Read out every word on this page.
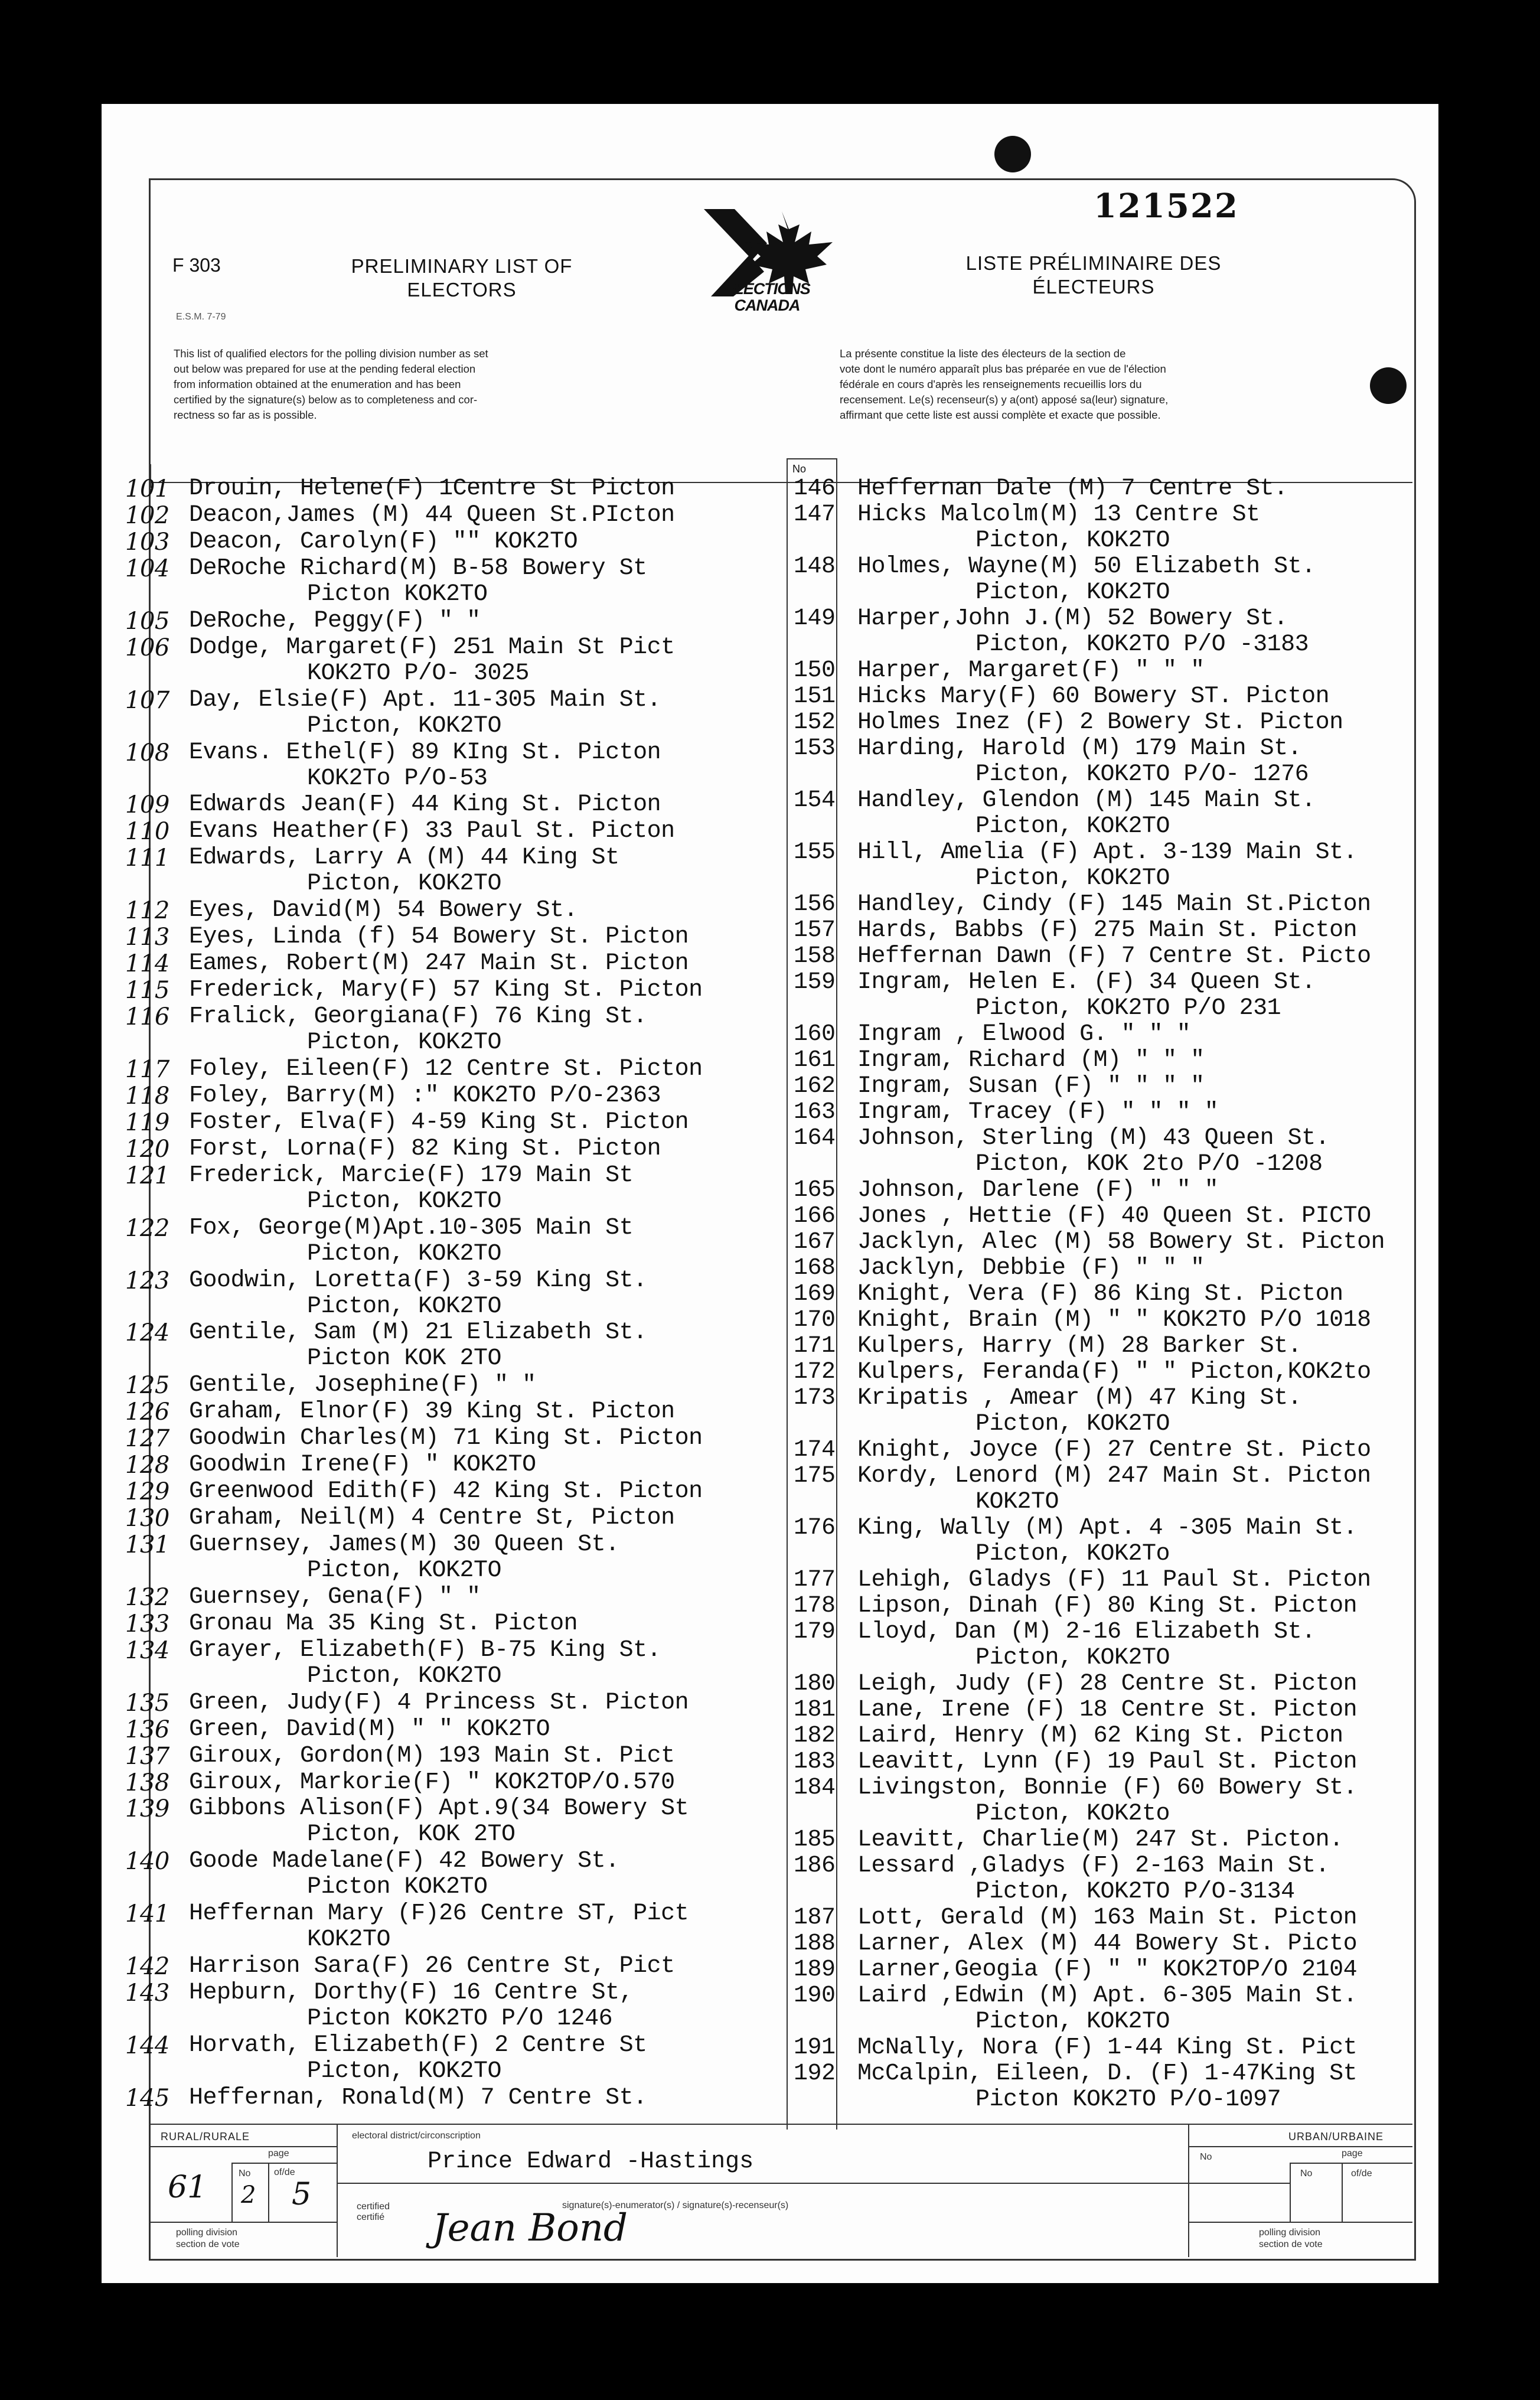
121522
F 303
E.S.M. 7-79
PRELIMINARY LIST OF
ELECTORS
LISTE PRÉLIMINAIRE DES
ÉLECTEURS
ELECTIONS
CANADA
This list of qualified electors for the polling division number as set
out below was prepared for use at the pending federal election
from information obtained at the enumeration and has been
certified by the signature(s) below as to completeness and cor-
rectness so far as is possible.
La présente constitue la liste des électeurs de la section de
vote dont le numéro apparaît plus bas préparée en vue de l'élection
fédérale en cours d'après les renseignements recueillis lors du
recensement. Le(s) recenseur(s) y a(ont) apposé sa(leur) signature,
affirmant que cette liste est aussi complète et exacte que possible.
No
101 Drouin, Helene(F) 1Centre St Picton
102 Deacon,James (M) 44 Queen St.PIcton
103 Deacon, Carolyn(F) "" KOK2TO
104 DeRoche Richard(M) B-58 Bowery St
Picton KOK2TO
105 DeRoche, Peggy(F) " "
106 Dodge, Margaret(F) 251 Main St Pict
KOK2TO P/O- 3025
107 Day, Elsie(F) Apt. 11-305 Main St.
Picton, KOK2TO
108 Evans. Ethel(F) 89 KIng St. Picton
KOK2To P/O-53
109 Edwards Jean(F) 44 King St. Picton
110 Evans Heather(F) 33 Paul St. Picton
111 Edwards, Larry A (M) 44 King St
Picton, KOK2TO
112 Eyes, David(M) 54 Bowery St.
113 Eyes, Linda (f) 54 Bowery St. Picton
114 Eames, Robert(M) 247 Main St. Picton
115 Frederick, Mary(F) 57 King St. Picton
116 Fralick, Georgiana(F) 76 King St.
Picton, KOK2TO
117 Foley, Eileen(F) 12 Centre St. Picton
118 Foley, Barry(M) :" KOK2TO P/O-2363
119 Foster, Elva(F) 4-59 King St. Picton
120 Forst, Lorna(F) 82 King St. Picton
121 Frederick, Marcie(F) 179 Main St
Picton, KOK2TO
122 Fox, George(M)Apt.10-305 Main St
Picton, KOK2TO
123 Goodwin, Loretta(F) 3-59 King St.
Picton, KOK2TO
124 Gentile, Sam (M) 21 Elizabeth St.
Picton KOK 2TO
125 Gentile, Josephine(F) " "
126 Graham, Elnor(F) 39 King St. Picton
127 Goodwin Charles(M) 71 King St. Picton
128 Goodwin Irene(F) " KOK2TO
129 Greenwood Edith(F) 42 King St. Picton
130 Graham, Neil(M) 4 Centre St, Picton
131 Guernsey, James(M) 30 Queen St.
Picton, KOK2TO
132 Guernsey, Gena(F) " "
133 Gronau Ma 35 King St. Picton
134 Grayer, Elizabeth(F) B-75 King St.
Picton, KOK2TO
135 Green, Judy(F) 4 Princess St. Picton
136 Green, David(M) " " KOK2TO
137 Giroux, Gordon(M) 193 Main St. Pict
138 Giroux, Markorie(F) " KOK2TOP/O.570
139 Gibbons Alison(F) Apt.9(34 Bowery St
Picton, KOK 2TO
140 Goode Madelane(F) 42 Bowery St.
Picton KOK2TO
141 Heffernan Mary (F)26 Centre ST, Pict
KOK2TO
142 Harrison Sara(F) 26 Centre St, Pict
143 Hepburn, Dorthy(F) 16 Centre St,
Picton KOK2TO P/O 1246
144 Horvath, Elizabeth(F) 2 Centre St
Picton, KOK2TO
145 Heffernan, Ronald(M) 7 Centre St.
146 Heffernan Dale (M) 7 Centre St.
147 Hicks Malcolm(M) 13 Centre St
Picton, KOK2TO
148 Holmes, Wayne(M) 50 Elizabeth St.
Picton, KOK2TO
149 Harper,John J.(M) 52 Bowery St.
Picton, KOK2TO P/O -3183
150 Harper, Margaret(F) " " "
151 Hicks Mary(F) 60 Bowery ST. Picton
152 Holmes Inez (F) 2 Bowery St. Picton
153 Harding, Harold (M) 179 Main St.
Picton, KOK2TO P/O- 1276
154 Handley, Glendon (M) 145 Main St.
Picton, KOK2TO
155 Hill, Amelia (F) Apt. 3-139 Main St.
Picton, KOK2TO
156 Handley, Cindy (F) 145 Main St.Picton
157 Hards, Babbs (F) 275 Main St. Picton
158 Heffernan Dawn (F) 7 Centre St. Picto
159 Ingram, Helen E. (F) 34 Queen St.
Picton, KOK2TO P/O 231
160 Ingram , Elwood G. " " "
161 Ingram, Richard (M) " " "
162 Ingram, Susan (F) " " " "
163 Ingram, Tracey (F) " " " "
164 Johnson, Sterling (M) 43 Queen St.
Picton, KOK 2to P/O -1208
165 Johnson, Darlene (F) " " "
166 Jones , Hettie (F) 40 Queen St. PICTO
167 Jacklyn, Alec (M) 58 Bowery St. Picton
168 Jacklyn, Debbie (F) " " "
169 Knight, Vera (F) 86 King St. Picton
170 Knight, Brain (M) " " KOK2TO P/O 1018
171 Kulpers, Harry (M) 28 Barker St.
172 Kulpers, Feranda(F) " " Picton,KOK2to
173 Kripatis , Amear (M) 47 King St.
Picton, KOK2TO
174 Knight, Joyce (F) 27 Centre St. Picto
175 Kordy, Lenord (M) 247 Main St. Picton
KOK2TO
176 King, Wally (M) Apt. 4 -305 Main St.
Picton, KOK2To
177 Lehigh, Gladys (F) 11 Paul St. Picton
178 Lipson, Dinah (F) 80 King St. Picton
179 Lloyd, Dan (M) 2-16 Elizabeth St.
Picton, KOK2TO
180 Leigh, Judy (F) 28 Centre St. Picton
181 Lane, Irene (F) 18 Centre St. Picton
182 Laird, Henry (M) 62 King St. Picton
183 Leavitt, Lynn (F) 19 Paul St. Picton
184 Livingston, Bonnie (F) 60 Bowery St.
Picton, KOK2to
185 Leavitt, Charlie(M) 247 St. Picton.
186 Lessard ,Gladys (F) 2-163 Main St.
Picton, KOK2TO P/O-3134
187 Lott, Gerald (M) 163 Main St. Picton
188 Larner, Alex (M) 44 Bowery St. Picto
189 Larner,Geogia (F) " " KOK2TOP/O 2104
190 Laird ,Edwin (M) Apt. 6-305 Main St.
Picton, KOK2TO
191 McNally, Nora (F) 1-44 King St. Pict
192 McCalpin, Eileen, D. (F) 1-47King St
Picton KOK2TO P/O-1097
RURAL/RURALE
page
No of/de
61 2 5
polling division
section de vote
electoral district/circonscription
Prince Edward -Hastings
certified
certifié
signature(s)-enumerator(s) / signature(s)-recenseur(s)
Jean Bond
URBAN/URBAINE
No	page
No	of/de
polling division
section de vote
